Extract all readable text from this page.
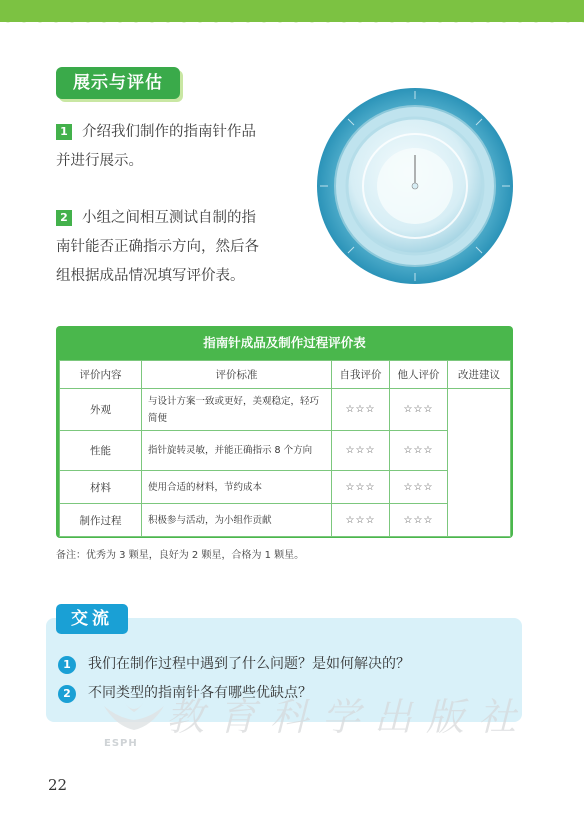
展示与评估
1 介绍我们制作的指南针作品
并进行展示。
2 小组之间相互测试自制的指
南针能否正确指示方向，然后各
组根据成品情况填写评价表。
指南针成品及制作过程评价表
评价内容	评价标准	自我评价	他人评价	改进建议
外观	与设计方案一致或更好，美观稳定，轻巧简便	☆☆☆	☆☆☆	
性能	指针旋转灵敏，并能正确指示 8 个方向	☆☆☆	☆☆☆	
材料	使用合适的材料，节约成本	☆☆☆	☆☆☆	
制作过程	积极参与活动，为小组作贡献	☆☆☆	☆☆☆	
备注：优秀为 3 颗星，良好为 2 颗星，合格为 1 颗星。
交流
1 我们在制作过程中遇到了什么问题？是如何解决的？
2 不同类型的指南针各有哪些优缺点？
教育科学出版社
ESPH
22
